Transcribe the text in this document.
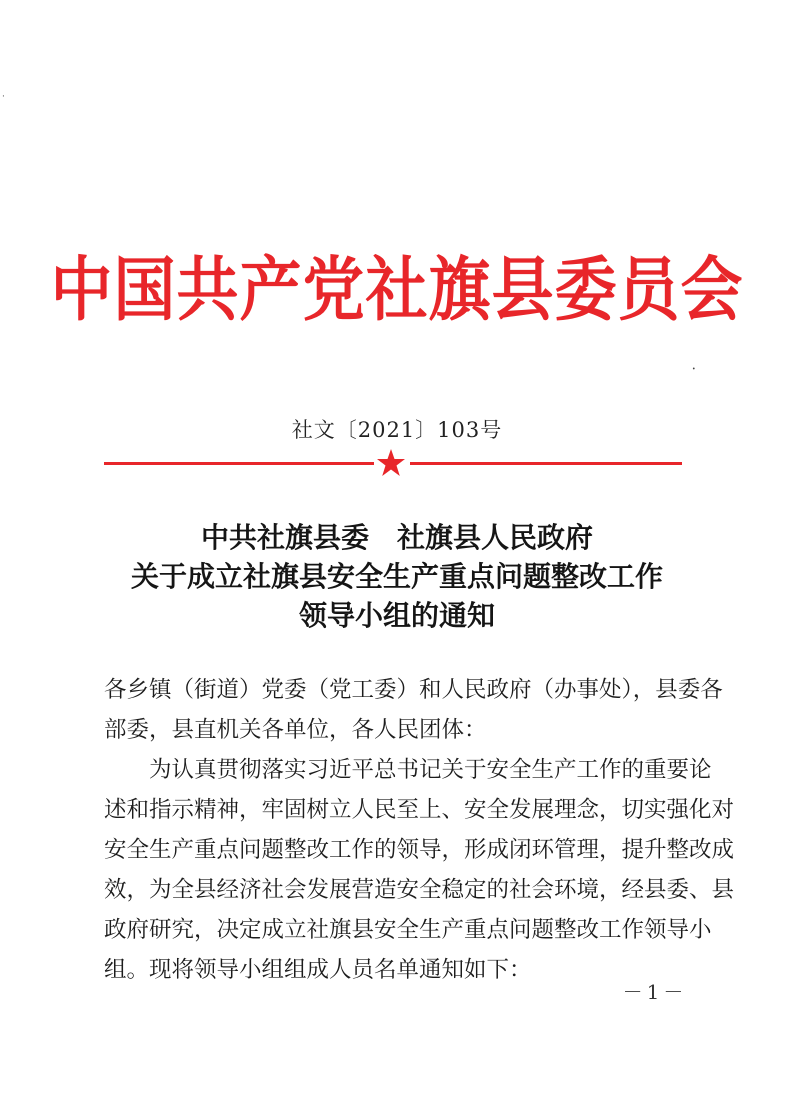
·
•
中国共产党社旗县委员会
社文〔2021〕103号
中共社旗县委　社旗县人民政府
关于成立社旗县安全生产重点问题整改工作
领导小组的通知
各乡镇（街道）党委（党工委）和人民政府（办事处），县委各
部委，县直机关各单位，各人民团体：
　　为认真贯彻落实习近平总书记关于安全生产工作的重要论
述和指示精神，牢固树立人民至上、安全发展理念，切实强化对
安全生产重点问题整改工作的领导，形成闭环管理，提升整改成
效，为全县经济社会发展营造安全稳定的社会环境，经县委、县
政府研究，决定成立社旗县安全生产重点问题整改工作领导小
组。现将领导小组组成人员名单通知如下：
－1－
